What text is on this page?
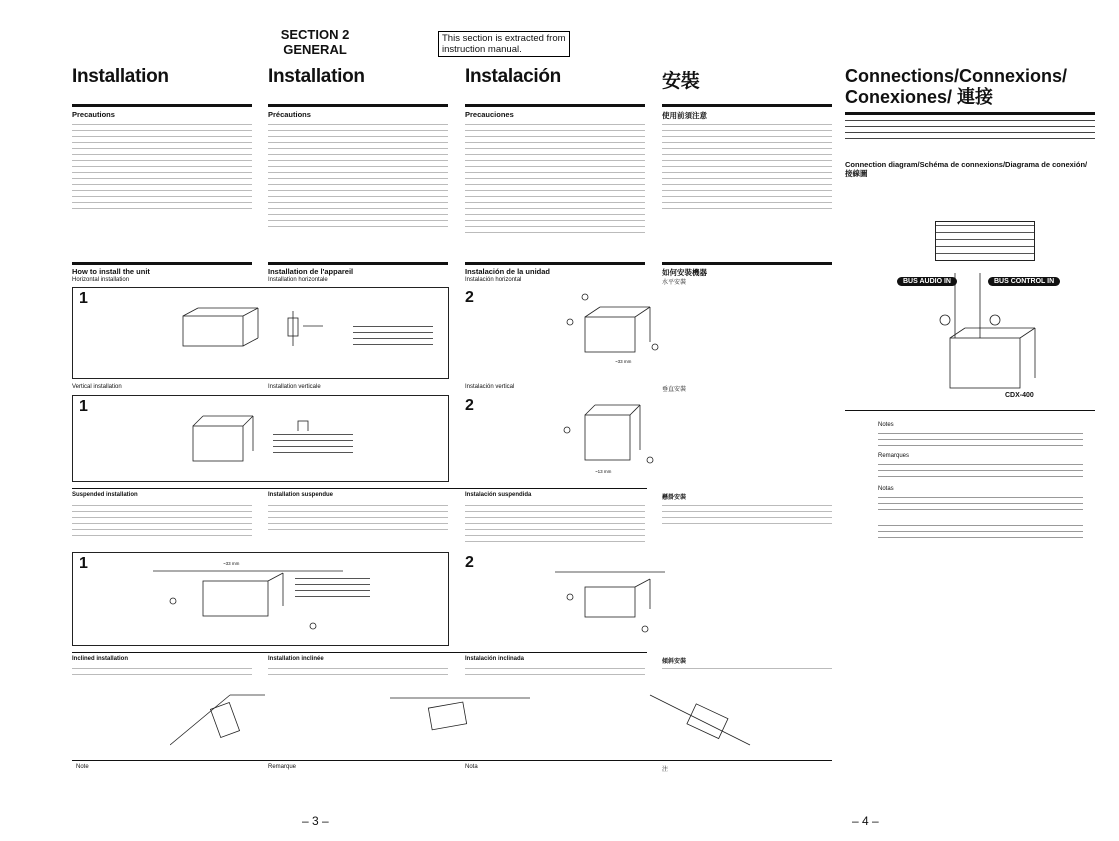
SECTION 2
GENERAL
This section is extracted from instruction manual.
Installation	Installation	Instalación	安裝	Connections/Connexions/
Conexiones/ 連接
Precautions	Précautions	Precauciones	使用前須注意
Connection diagram/Schéma de connexions/Diagrama de conexión/ 接線圖
How to install the unit	Installation de l'appareil	Instalación de la unidad	如何安裝機器
Horizontal installation	Installation horizontale	Instalación horizontal	水平安裝
1	2
~33 mm
Vertical installation	Installation verticale	Instalación vertical	垂直安裝
1	2
~13 mm
Suspended installation	Installation suspendue	Instalación suspendida	懸掛安裝
1	~33 mm	2
Inclined installation	Installation inclinée	Instalación inclinada	傾斜安裝
Note	Remarque	Nota	注
BUS AUDIO IN	BUS CONTROL IN
CDX-400
Notes
Remarques
Notas
– 3 –	– 4 –
